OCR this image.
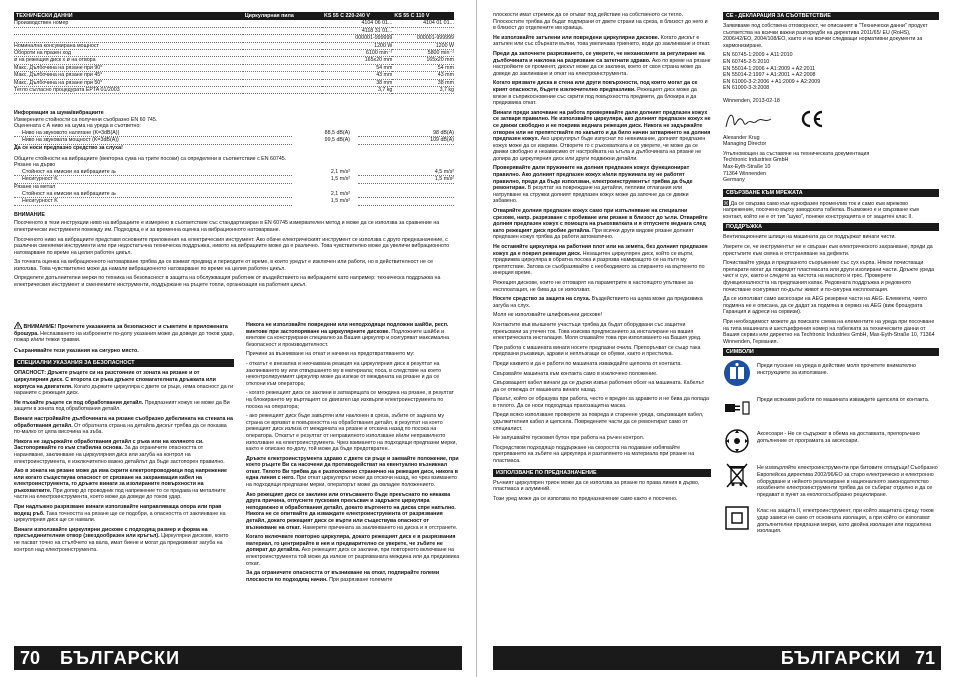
ТЕХНИЧЕСКИ ДАННИ	Циркулярная пила	KS 55 C 220-240 V	KS 55 C 110 V
Производствен номер		4104 06 01...	4104 01 01...
		4118 31 01...	
		000001-999999	000001-999999
Номинална консумирана мощност		1200 W	1200 W
Обороти на празен ход		6100 min⁻¹	5800 min⁻¹
ø на режещия диск х ø на отвора		165x20 mm	165x20 mm
Макс. Дълбочина на рязане при 90°		54 mm	54 mm
Макс. Дълбочина на рязане при 45°		43 mm	43 mm
Макс. Дълбочина на рязане при 50°		38 mm	38 mm
Тегло съгласно процедурата EPTA 01/2003		3,7 kg	3,7 kg

Информация за шума/вибрациите

Измерените стойности са получени съобразно EN 60 745.
Оценената с А ниво на шума на уреда в съответно:
Ниво на звуковото налягане (K=3dB(A))	88,5 dB(A)	98 dB(A)
Ниво на звуковата мощност (K=3dB(A))	99,5 dB(A)	109 dB(A)

Да се носи предпазно средство за слуха!

Общите стойности на вибрациите (векторна сума на трите посоки) са определени в съответствие с EN 60745.
Рязане на дърво
Стойност на емисии на вибрациите aₕ	2,1 m/s²	4,5 m/s²
Несигурност K	1,5 m/s²	1,5 m/s²
Рязане на метал
Стойност на емисии на вибрациите aₕ	2,1 m/s²
Несигурност K	1,5 m/s²

ВНИМАНИЕ

Посоченото в тези инструкции ниво на вибрациите е измерено в съответствие със стандартизиран в EN 60745 измервателен метод и може да се използва за сравнение на електрически инструменти помежду им. Подходящ е и за временна оценка на вибрационното натоварване.

Посоченото ниво на вибрациите представя основните приложения на електрическия инструмент. Ако обаче електрическият инструмент се използва с друго предназначение, с различни сменяеми инструменти или при недостатъчна техническа поддръжка, нивото на вибрациите може да е различно. Това чувствително може да увеличи вибрационното натоварване по време на целия работен цикъл.

За точната оценка на вибрационното натоварване трябва да се взимат предвид и периодите от време, в които уредът е изключен или работи, но в действителност не се използва. Това чувствително може да намали вибрационното натоварване по време на целия работен цикъл.

Определете допълнителни мерки по техника на безопасност в защита на обслужващия работник от въздействието на вибрациите като например: техническа поддръжка на електрическия инструмент и сменяемите инструменти, поддържане на ръцете топли, организация на работния цикъл.

ВНИМАНИЕ! Прочетете указанията за безопасност и съветите в приложената брошура. Неспазването на изброените по-долу указания може да доведе до токов удар, пожар и/или тежки травми.

Съхранявайте тези указания на сигурно място.

СПЕЦИАЛНИ УКАЗАНИЯ ЗА БЕЗОПАСНОСТ

ОПАСНОСТ: Дръжте ръцете си на разстояние от зоната на рязане и от циркулярния диск. С второта си ръка дръжте спомагателната дръжката или корпуса на двигателя. Когато държите циркуляра с двете си ръце, няма опасност да ги нараните с режещия диск.

Не пъхайте ръцете си под обработвания детайл. Предпазният кожух не може да Ви защити в зоната под обработвания детайл.

Винаги настройвайте дълбочината на рязане съобразно дебелината на стената на обработвания детайл. От обратната страна на детайла дискът трябва да се показва по-малко от цяла височина на зъба.

Никога не задържайте обработвания детайл с ръка или на коляното си. Застопорявайте го към стабилна основа. За да ограничите опасността от нараняване, заклинване на циркулярния диск или загуба на контрол на електроинструмента, е изключително важно детайлът да бъде застопорен правилно.

Ако в зоната на рязане може да има скрити електропроводници под напрежение или когато съществува опасност от срязване на захранващия кабел на електроинструмента, го дръжте винаги за изолираните повърхности на ръкохватките. При допир до проводник под напрежение то се предава на металните части на електроинструмента, което може да доведе до токов удар.

При надлъжно разрязване винаги използвайте направляваща опора или прав водещ ръб. Така точността на рязане ще се подобри, а опасността от заклинване на циркулярния диск ще се намали.

Винаги използвайте циркулярни дискове с подходящ размер и форма на присъединителния отвор (звездообразен или кръгъл). Циркулярни дискове, които не пасват точно на стълбчето на вала, имат биене и могат да предизвикат загуба на контрол над електроинструмента.

Никога не използвайте повредени или неподходящи подложни шайби, респ. винтове при застопоряване на циркулярните дискове. Подложните шайби и винтове са конструирани специално за Вашия циркуляр и осигуряват максимална безопасност и производителност.

Причини за възникване на откат и начини на предотвратяването му:

- откатът е внезапна и неочаквана реакция на циркулярния диск в резултат на заклинването му или отвършането му в материала; поса, в следствие на което неконтролируемият циркуляр може да излезе от междината на рязане и да се отклони към оператора;

- когато режещият диск се заклини в затварящата се междина на рязане, в резултат на блокирането му въртящият се двигател ще изхвърли електроинструмента по посока на оператора;

- ако режещият диск бъде завъртян или наклонен в среза, зъбите от задната му страна се врязват в повърхността на обработвания детайл, в резултат на което режещият диск излиза от междината на рязане и отскача назад по посока на оператора. Откатът е резултат от неправилното използване и/или неправилното използване на електроинструмента. Чрез взимането на подходящи предпазни мерки, както е описано по-долу, той може да бъде предотвратен.

Дръжте електроинструмента здраво с двете си ръце и заемайте положение, при което ръцете Ви са насочени да противодействат на евентуално възникнал откат. Тялото Ви трябва да е разположено странично на режещия диск, никога в една линия с него. При откат циркулярът може да отскочи назад, но чрез взимането на подходящи предпазни мерки, операторът може да овладее положението.

Ако режещият диск се заклини или откъсването бъде прекъснато по някаква друга причина, отпуснете пусковия прекъсвач и задръжте циркуляра неподвижно в обработвания детайл, докато въртенето на диска спре напълно. Никога не се опитвайте да изваждате електроинструмента от разрязвания детайл, докато режещият диск се върти или съществува опасност от възникване на откат. Намерете причината за заклинването на диска и я отстранете.

Когато включвате повторно циркуляра, докато режещият диск е в разрязвания материал, го центрирайте в нея и предварително се уверете, че зъбите не допират до детайла. Ако режещият диск се заклини, при повторното включване на електроинструмента той може да излезе от разрязваната междина или да предизвика откат.

За да ограничите опасността от възникване на откат, подпирайте големи плоскости по подходящ начин. При разрязване големите

70 БЪЛГАРСКИ

плоскости имат стремеж да се огъват под действие на собственото си тегло. Плоскостите трябва да бъдат подпирани от двете страни на среза, в близост до него и в близост до отделените им краища.

Не използвайте затъпени или повредени циркулярни дискове. Когато дискът е затъпен или със сбърнати вълни, това увеличава триенето, води до заклинване и откат.

Преди да започнете разрязването, се уверете, че механизмите за регулиране на дълбочината и наклона на разрязване са затегнати здраво. Ако по време на рязане настройките се променят, дискът може да се заклини, което от своя страна може да доведе до заклинване и откат на електроинструмента.

Когато врязвате диска в стена или други повърхности, под които могат да се крият опасности, бъдете изключително предпазливи. Режещият диск може да влезе в съприкосновение със скрити под повърхността предмети, да блокира и да предизвика откат.

Винаги преди започване на работа проверявайте дали долният предпазен кожух се затваря правилно. Не използвайте циркуляра, ако долният предпазен кожух не се движи свободно и не покрива веднага режещия диск. Никога не задържайте отворен или не препятствайте по какъвто и да било начин затварянето на долния предпазен кожух. Ако циркулярът бъде изпуснат по невнимание, долният предпазен кожух може да се изкриви. Отворете го с ръкохватката и се уверете, че може да се движи свободно и независимо от настройката на ъгъла и дълбочината на рязане не допира до циркулярния диск или други подвижни детайли.

Проверявайте дали пружините на долния предпазен кожух функционират правилно. Ако долният предпазен кожух и/или пружината му не работят правилно, преди да бъде използван, електроинструментът трябва да бъде ремонтиран. В резултат на повреждане на детайли, лепливи отлагания или натрупване на стружки долният предпазен кожух може да започне да се движи забавено.

Отваряйте долния предпазен кожух само при изпълняване на специални срезове, напр. разрязване с пробиване или рязане в близост до ъгли. Отваряйте долния предпазен кожух с помощта на ръкохватката и я отпуснете веднага след като режещият диск пробие детайла. При всички други видове рязане долният предпазен кожух трябва да работи автоматично.

Не оставяйте циркуляра на работния плот или на земята, без долният предпазен кожух да е покрил режещия диск. Незащитен циркулярен диск, който се върти, придвижва циркуляра в обратна посока и разрязва намиращото се на пътя му препятствие. Затова се съобразявайте с необходимото за спирането на въртенето по инерция време.

Режещия дискове, които не отговарят на параметрите в настоящото упътване за експлоатация, не бива да се използват.

Носете средство за защита на слуха. Въздействието на шума може да предизвика загуба на слух.

Моля не използвайте шлифовъчни дискове!

Контактите във външните участъци трябва да бъдат оборудвани със защитни прекъсвачи за утечен ток. Това изисква предписанието за инсталиране на вашия електрическата инсталация. Моля спазвайте това при използването на Вашия уред.

При работа с машината винаги носете предпазни очила. Препоръчват се също така предпазни ръкавици, здрави и неплъзгащи се обувки, както и престилка.

Преди каквито и да е работи по машината изваждайте щепсела от контакта.

Свързвайте машината към контакта само в изключено положение.

Свързващият кабел винаги да се държи извън работния обсег на машината. Кабелът да се отвежда от машината винаги назад.

Прахът, който се образува при работа, често е вреден за здравето и не бива да попада в тялото. Да се носи подходяща прахозащитна маска.

Преди всяко използване проверете за повреда и стареене уреда, свързващия кабел, удължителния кабел и щепсела. Повредените части да се ремонтират само от специалист.

Не запушвайте пусковия бутон при работа на ръчен контрол.

Посредством подходящо поддържане на скоростта на подаване избягвайте прегряването на зъбите на циркуляра и разтапянето на материала при рязане на пластмаса.

ИЗПОЛЗВАНЕ ПО ПРЕДНАЗНАЧЕНИЕ

Ръчният циркулярен трион може да се използва за рязане по права линия в дърво, пластмаса и алуминий.

Този уред може да се използва по предназначение само както е посочено.

CE - ДЕКЛАРАЦИЯ ЗА СЪОТВЕТСТВИЕ

Заявяваме под собствена отговорност, че описаният в "Технически данни" продукт съответства на всички важни разпоредби на директива 2011/65/ EU (RoHS), 2006/42/EO, 2004/108/EO, както и на всички следващи нормативни документи за хармонизиране.

EN 60745-1:2009 + A11:2010
EN 60745-2-5:2010
EN 55014-1:2006 + A1:2009 + A2:2011
EN 55014-2:1997 + A1:2001 + A2:2008
EN 61000-3-2:2006 + A1:2009 + A2:2009
EN 61000-3-3:2008
Winnenden, 2013-02-18
Alexander Krug
Managing Director
Упълномощен за съставяне на техническата документация
Techtronic Industries GmbH
Max-Eyth-Straße 10
71364 Winnenden
Germany
СВЪРЗВАНЕ КЪМ МРЕЖАТА

Да се свързва само към еднофазен променлив ток и само към мрежово напрежение, посочено върху заводската табелка. Възможно е и свързване към контакт, който не е от тип "шуко", понеже конструкцията е от защитен клас II.

ПОДДРЪЖКА

Вентилационните шлици на машината да се поддържат винаги чисти.

Уверете се, че инструментът не е свързан към електрическото захранване, преди да пристъпите към смяна и отстраняване на дефекти.

Почиствайте уреда и предпазното съоръжение със сух кърпа. Някои почистващи препарати могат да повредят пластмасата или други изолирани части. Дръжте уреда чист и сух, както и следете за чистота на маслото и грес. Проверете функционалността на предпазния капак. Редовната поддръжка и редовното почистване осигуряват по-дълъг живот и по-сигурна експлоатация.

Да се използват само аксесоари на AEG резервни части на AEG. Елементи, чиято подмяна не е описана, да се дадат за подмяна в сервиз на AEG (виж брошурата Гаранция и адреси на сервизи).

При необходимост можете да поискате схема на елементите на уреда при посочване на типа машината и шестцифрения номер на табелката за техническите данни от Вашия сервиз или директно на Techtronic Industries GmbH, Max-Eyth-Straße 10, 71364 Winnenden, Германия.

СИМВОЛИ
Преди пускане на уреда в действие моля прочетете внимателно инструкциите за използване.
Преди всякакви работи по машината изваждете щепсела от контакта.
Аксесоари - Не се съдържат в обема на доставката, препоръчано допълнение от програмата за аксесоари.
Не изхвърляйте електроинструменти при битовите отпадъци! Съобразно Европейска директива 2002/96/EO за старо електрическо и електронно оборудване и нейното реализиране в националното законодателство изхабените електроинструменти трябва да се събират отделно и да се предават в пункт за екологосъобразно рециклиране.
Клас на защита II, електроинструмент, при който защитата срещу токов удар зависи не само от основната изолация, а при който се използват допълнителни предпазни мерки, като двойна изолация или подсилена изолация.
БЪЛГАРСКИ 71
